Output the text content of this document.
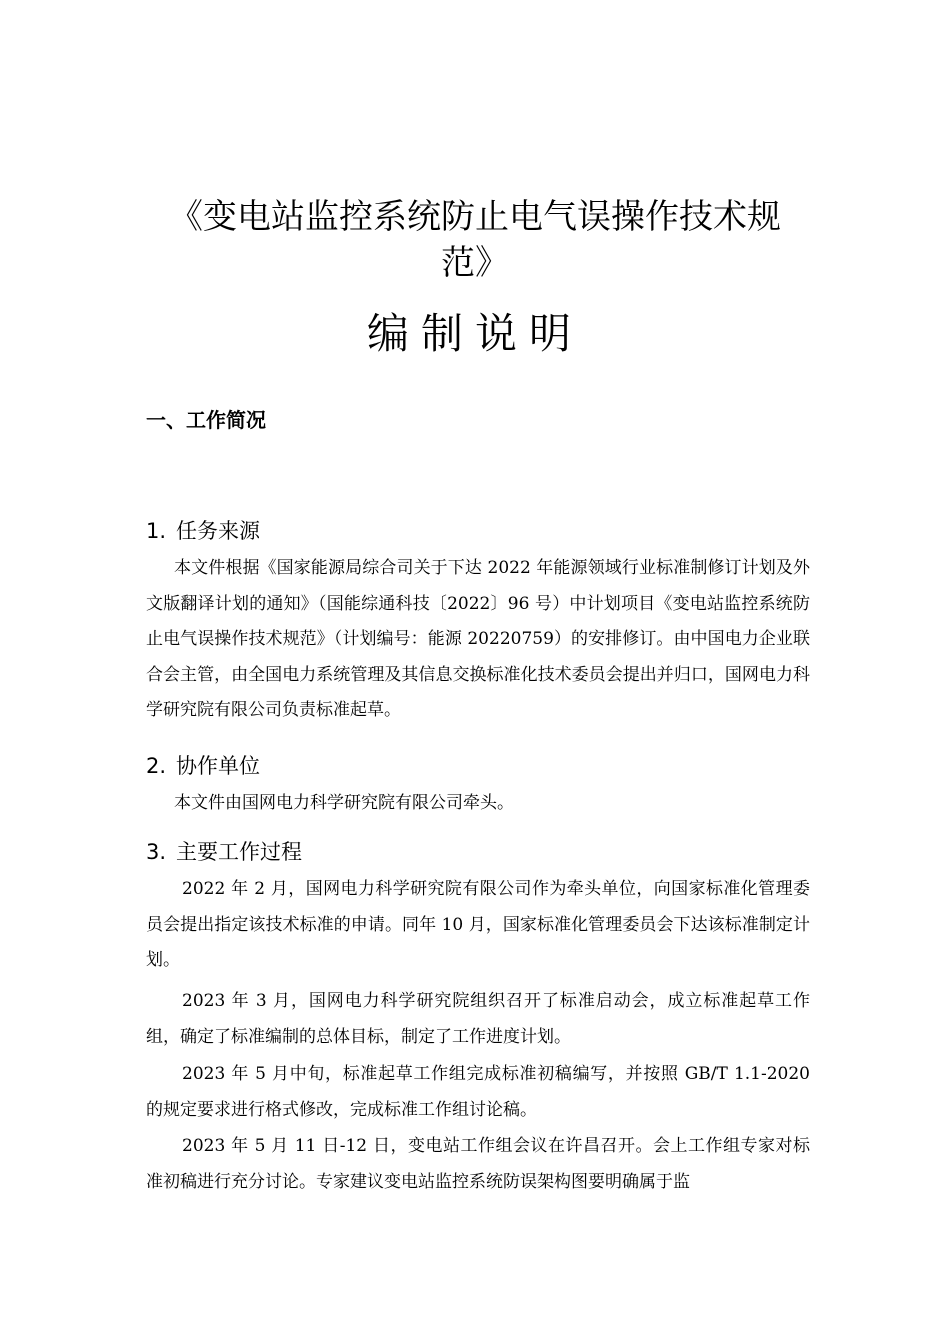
《变电站监控系统防止电气误操作技术规
范》
编制说明
一、工作简况
1. 任务来源

本文件根据《国家能源局综合司关于下达 2022 年能源领域行业标准制修订计划及外文版翻译计划的通知》（国能综通科技〔2022〕96 号）中计划项目《变电站监控系统防止电气误操作技术规范》（计划编号：能源 20220759）的安排修订。由中国电力企业联合会主管，由全国电力系统管理及其信息交换标准化技术委员会提出并归口，国网电力科学研究院有限公司负责标准起草。

2. 协作单位

本文件由国网电力科学研究院有限公司牵头。

3. 主要工作过程

2022 年 2 月，国网电力科学研究院有限公司作为牵头单位，向国家标准化管理委员会提出指定该技术标准的申请。同年 10 月，国家标准化管理委员会下达该标准制定计划。

2023 年 3 月，国网电力科学研究院组织召开了标准启动会，成立标准起草工作组，确定了标准编制的总体目标，制定了工作进度计划。

2023 年 5 月中旬，标准起草工作组完成标准初稿编写，并按照 GB/T 1.1-2020 的规定要求进行格式修改，完成标准工作组讨论稿。

2023 年 5 月 11 日-12 日，变电站工作组会议在许昌召开。会上工作组专家对标准初稿进行充分讨论。专家建议变电站监控系统防误架构图要明确属于监
